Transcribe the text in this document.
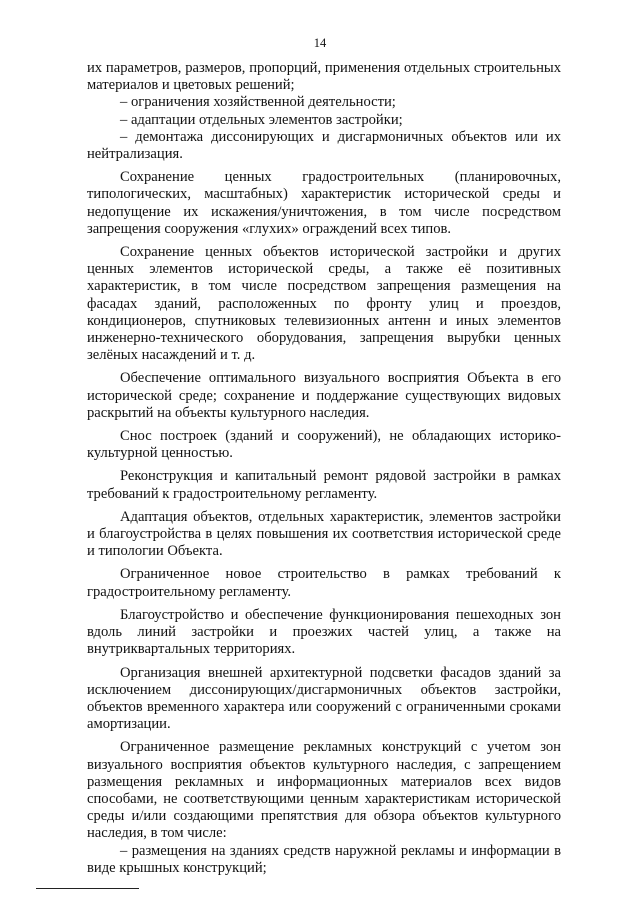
14

их параметров, размеров, пропорций, применения отдельных строительных материалов и цветовых решений;

– ограничения хозяйственной деятельности;

– адаптации отдельных элементов застройки;

– демонтажа диссонирующих и дисгармоничных объектов или их нейтрализация.

Сохранение ценных градостроительных (планировочных, типологических, масштабных) характеристик исторической среды и недопущение их искажения/уничтожения, в том числе посредством запрещения сооружения «глухих» ограждений всех типов.

Сохранение ценных объектов исторической застройки и других ценных элементов исторической среды, а также её позитивных характеристик, в том числе посредством запрещения размещения на фасадах зданий, расположенных по фронту улиц и проездов, кондиционеров, спутниковых телевизионных антенн и иных элементов инженерно-технического оборудования, запрещения вырубки ценных зелёных насаждений и т. д.

Обеспечение оптимального визуального восприятия Объекта в его исторической среде; сохранение и поддержание существующих видовых раскрытий на объекты культурного наследия.

Снос построек (зданий и сооружений), не обладающих историко-культурной ценностью.

Реконструкция и капитальный ремонт рядовой застройки в рамках требований к градостроительному регламенту.

Адаптация объектов, отдельных характеристик, элементов застройки и благоустройства в целях повышения их соответствия исторической среде и типологии Объекта.

Ограниченное новое строительство в рамках требований к градостроительному регламенту.

Благоустройство и обеспечение функционирования пешеходных зон вдоль линий застройки и проезжих частей улиц, а также на внутриквартальных территориях.

Организация внешней архитектурной подсветки фасадов зданий за исключением диссонирующих/дисгармоничных объектов застройки, объектов временного характера или сооружений с ограниченными сроками амортизации.

Ограниченное размещение рекламных конструкций с учетом зон визуального восприятия объектов культурного наследия, с запрещением размещения рекламных и информационных материалов всех видов способами, не соответствующими ценным характеристикам исторической среды и/или создающими препятствия для обзора объектов культурного наследия, в том числе:

– размещения на зданиях средств наружной рекламы и информации в виде крышных конструкций;
